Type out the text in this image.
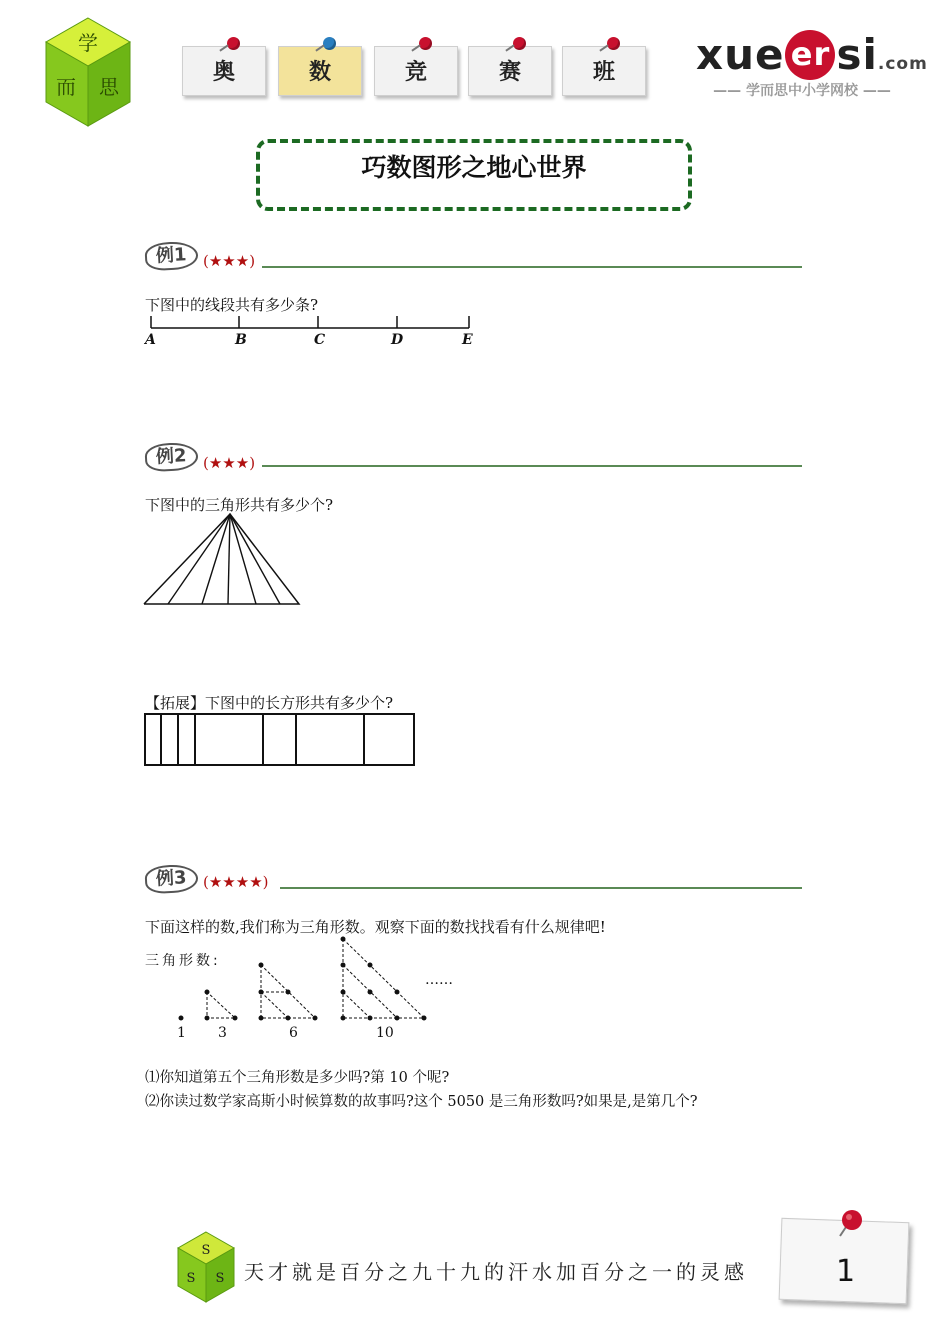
学
而 思
奥	数	竞	赛	班	xue er si.com
—— 学而思中小学网校 ——
巧数图形之地心世界
例1	(★★★)
下图中的线段共有多少条?
A	B	C	D	E
例2	(★★★)
下图中的三角形共有多少个?
【拓展】下图中的长方形共有多少个?
例3	(★★★★)
下面这样的数,我们称为三角形数。观察下面的数找找看有什么规律吧!
三角形数:
……
1 3	6	10
⑴你知道第五个三角形数是多少吗?第 10 个呢?
⑵你读过数学家高斯小时候算数的故事吗?这个 5050 是三角形数吗?如果是,是第几个?
S
S S 天才就是百分之九十九的汗水加百分之一的灵感	1
